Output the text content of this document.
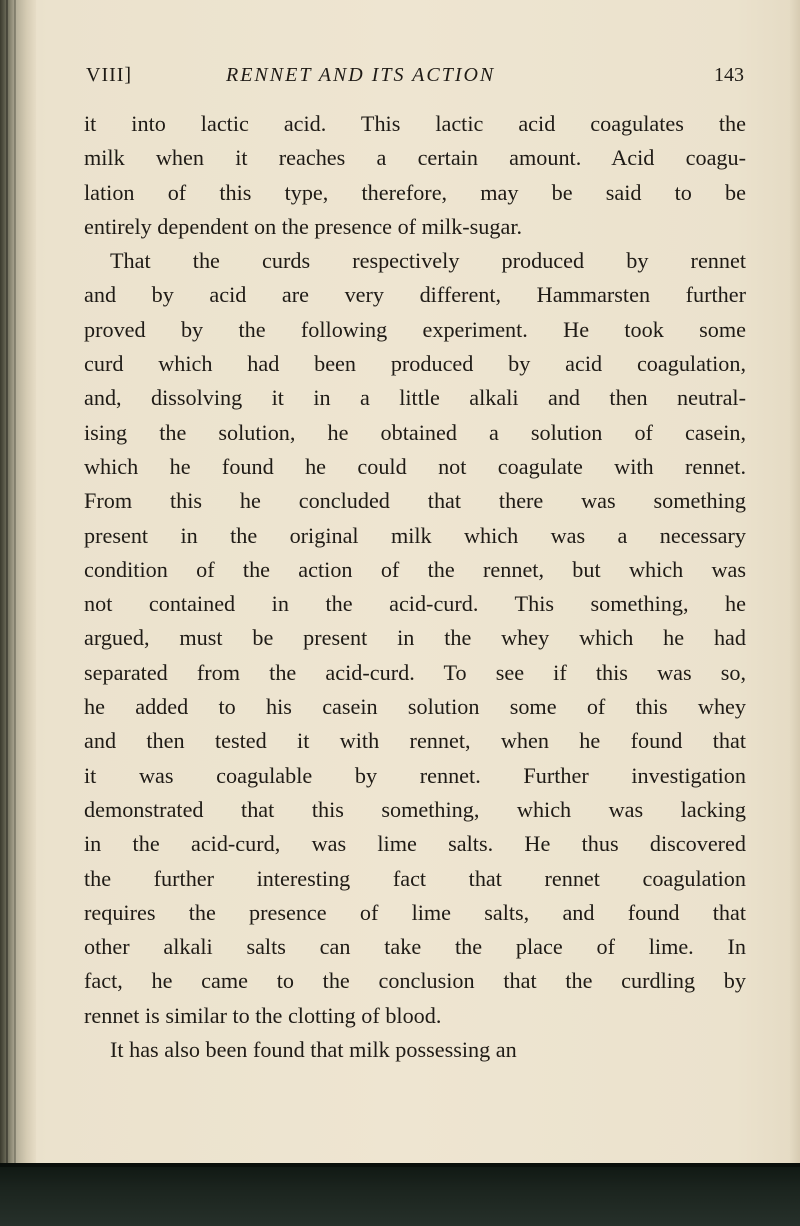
VIII]	RENNET AND ITS ACTION	143
it into lactic acid. This lactic acid coagulates the
milk when it reaches a certain amount. Acid coagu-
lation of this type, therefore, may be said to be
entirely dependent on the presence of milk-sugar.
That the curds respectively produced by rennet
and by acid are very different, Hammarsten further
proved by the following experiment. He took some
curd which had been produced by acid coagulation,
and, dissolving it in a little alkali and then neutral-
ising the solution, he obtained a solution of casein,
which he found he could not coagulate with rennet.
From this he concluded that there was something
present in the original milk which was a necessary
condition of the action of the rennet, but which was
not contained in the acid-curd. This something, he
argued, must be present in the whey which he had
separated from the acid-curd. To see if this was so,
he added to his casein solution some of this whey
and then tested it with rennet, when he found that
it was coagulable by rennet. Further investigation
demonstrated that this something, which was lacking
in the acid-curd, was lime salts. He thus discovered
the further interesting fact that rennet coagulation
requires the presence of lime salts, and found that
other alkali salts can take the place of lime. In
fact, he came to the conclusion that the curdling by
rennet is similar to the clotting of blood.
It has also been found that milk possessing an
